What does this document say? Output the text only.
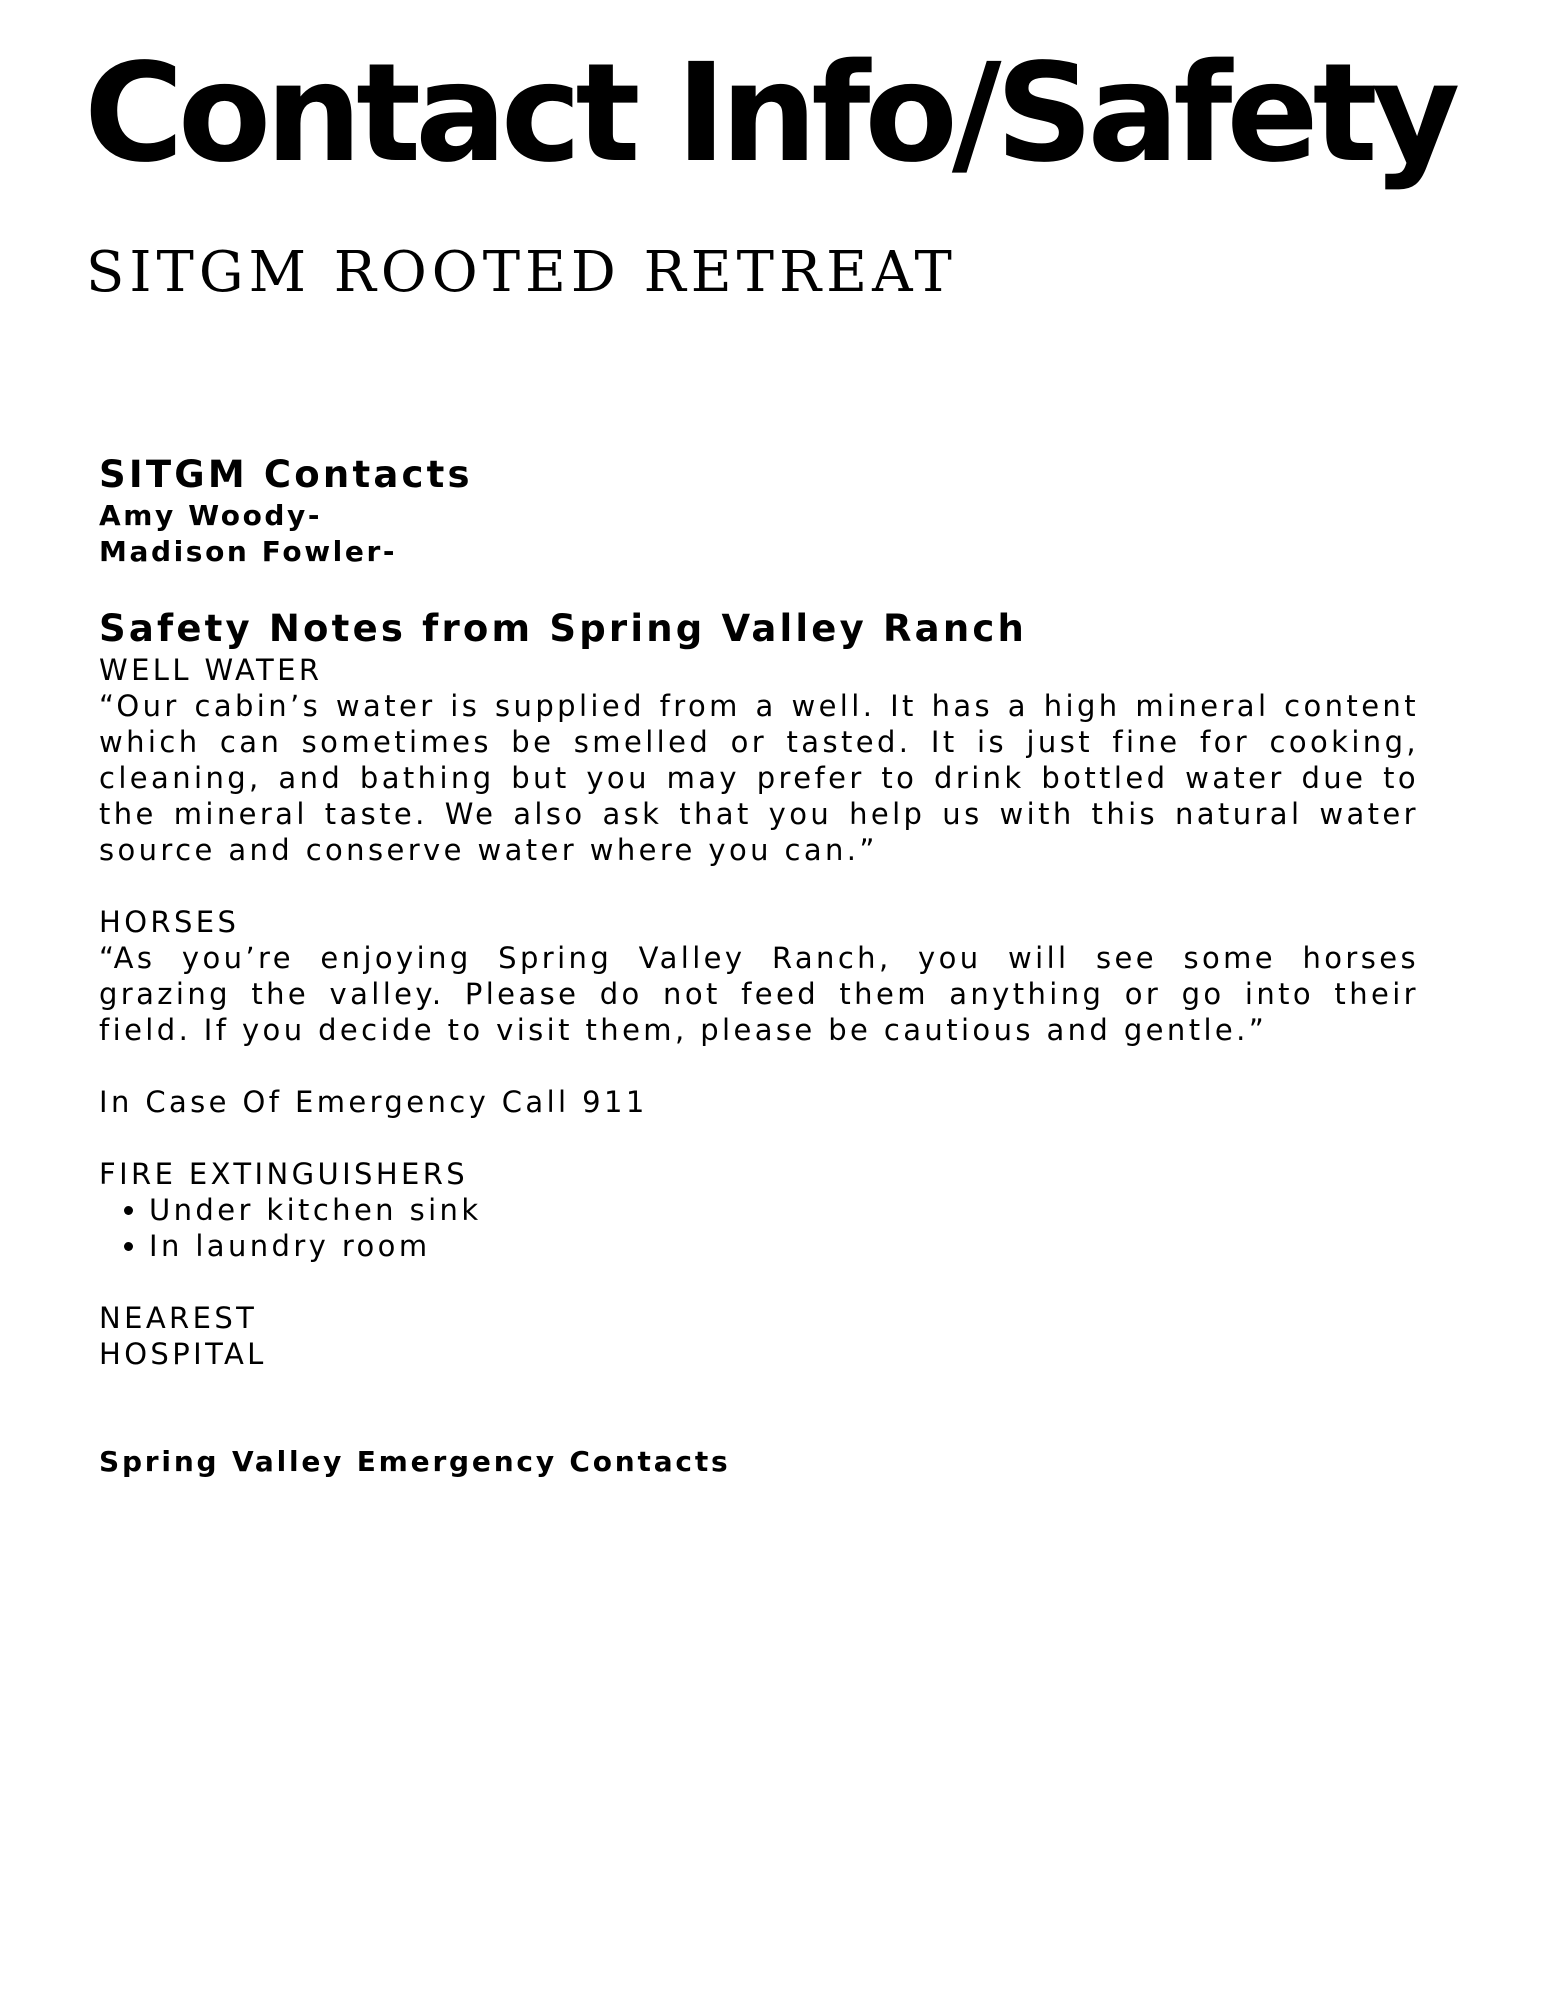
Contact Info/Safety
SITGM ROOTED RETREAT
SITGM Contacts
Amy Woody-
Madison Fowler-
Safety Notes from Spring Valley Ranch
WELL WATER
“Our cabin’s water is supplied from a well. It has a high mineral content which can sometimes be smelled or tasted. It is just fine for cooking, cleaning, and bathing but you may prefer to drink bottled water due to the mineral taste. We also ask that you help us with this natural water source and conserve water where you can.”
HORSES
“As you’re enjoying Spring Valley Ranch, you will see some horses grazing the valley. Please do not feed them anything or go into their field. If you decide to visit them, please be cautious and gentle.”
In Case Of Emergency Call 911
FIRE EXTINGUISHERS
• Under kitchen sink
• In laundry room
NEAREST
HOSPITAL
Spring Valley Emergency Contacts
